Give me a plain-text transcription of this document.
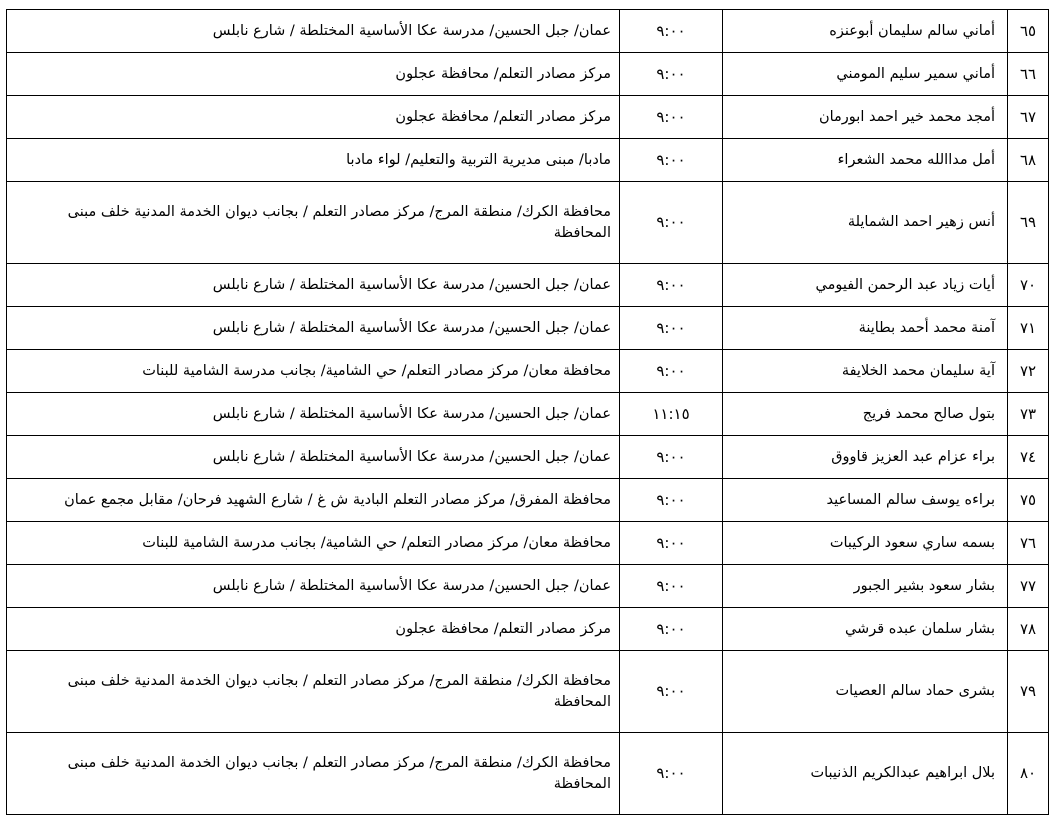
٦٥	أماني سالم سليمان أبوعنزه	٩:٠٠	عمان/ جبل الحسين/ مدرسة عكا الأساسية المختلطة / شارع نابلس
٦٦	أماني سمير سليم المومني	٩:٠٠	مركز مصادر التعلم/ محافظة عجلون
٦٧	أمجد محمد خير احمد ابورمان	٩:٠٠	مركز مصادر التعلم/ محافظة عجلون
٦٨	أمل مداالله محمد الشعراء	٩:٠٠	مادبا/ مبنى مديرية التربية والتعليم/ لواء مادبا
٦٩	أنس زهير احمد الشمايلة	٩:٠٠	محافظة الكرك/ منطقة المرج/ مركز مصادر التعلم / بجانب ديوان الخدمة المدنية خلف مبنى المحافظة
٧٠	أيات زياد عبد الرحمن الفيومي	٩:٠٠	عمان/ جبل الحسين/ مدرسة عكا الأساسية المختلطة / شارع نابلس
٧١	آمنة محمد أحمد بطاينة	٩:٠٠	عمان/ جبل الحسين/ مدرسة عكا الأساسية المختلطة / شارع نابلس
٧٢	آية سليمان محمد الخلايفة	٩:٠٠	محافظة معان/ مركز مصادر التعلم/ حي الشامية/ بجانب مدرسة الشامية للبنات
٧٣	بتول صالح محمد فريج	١١:١٥	عمان/ جبل الحسين/ مدرسة عكا الأساسية المختلطة / شارع نابلس
٧٤	براء عزام عبد العزيز قاووق	٩:٠٠	عمان/ جبل الحسين/ مدرسة عكا الأساسية المختلطة / شارع نابلس
٧٥	براءه يوسف سالم المساعيد	٩:٠٠	محافظة المفرق/ مركز مصادر التعلم البادية ش غ / شارع الشهيد فرحان/ مقابل مجمع عمان
٧٦	بسمه ساري سعود الركيبات	٩:٠٠	محافظة معان/ مركز مصادر التعلم/ حي الشامية/ بجانب مدرسة الشامية للبنات
٧٧	بشار سعود بشير الجبور	٩:٠٠	عمان/ جبل الحسين/ مدرسة عكا الأساسية المختلطة / شارع نابلس
٧٨	بشار سلمان عبده قرشي	٩:٠٠	مركز مصادر التعلم/ محافظة عجلون
٧٩	بشرى حماد سالم العصيات	٩:٠٠	محافظة الكرك/ منطقة المرج/ مركز مصادر التعلم / بجانب ديوان الخدمة المدنية خلف مبنى المحافظة
٨٠	بلال ابراهيم عبدالكريم الذنيبات	٩:٠٠	محافظة الكرك/ منطقة المرج/ مركز مصادر التعلم / بجانب ديوان الخدمة المدنية خلف مبنى المحافظة
